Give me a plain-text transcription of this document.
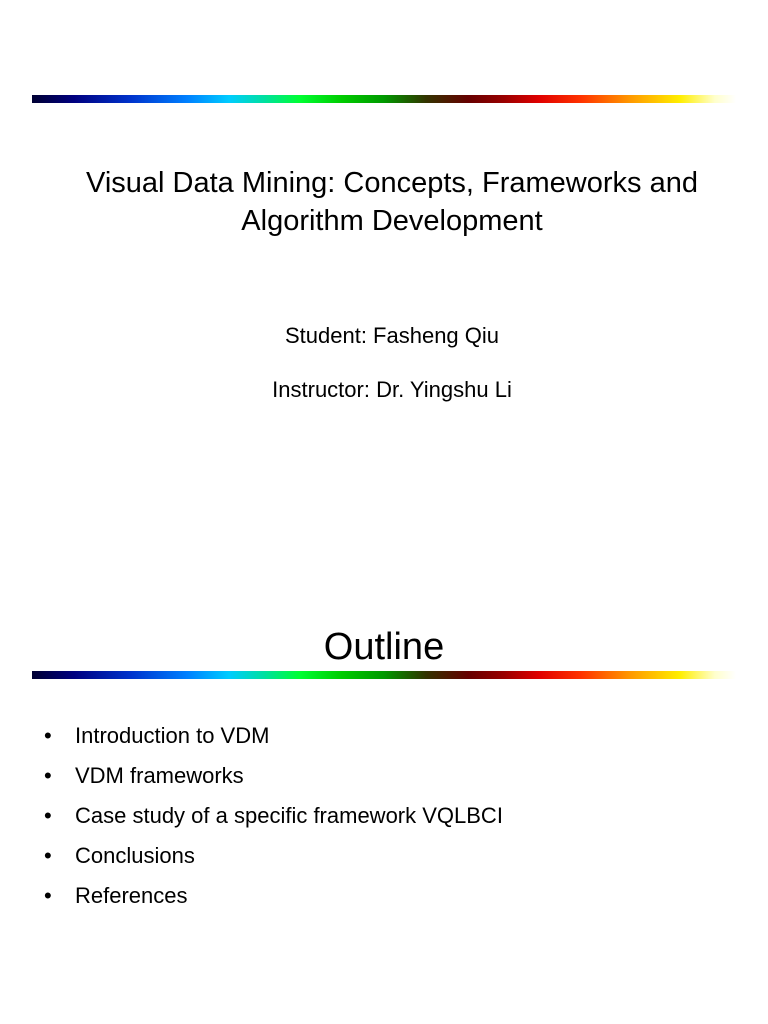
Visual Data Mining: Concepts, Frameworks and
Algorithm Development
Student: Fasheng Qiu
Instructor: Dr. Yingshu Li
Outline
• Introduction to VDM
• VDM frameworks
• Case study of a specific framework VQLBCI
• Conclusions
• References
